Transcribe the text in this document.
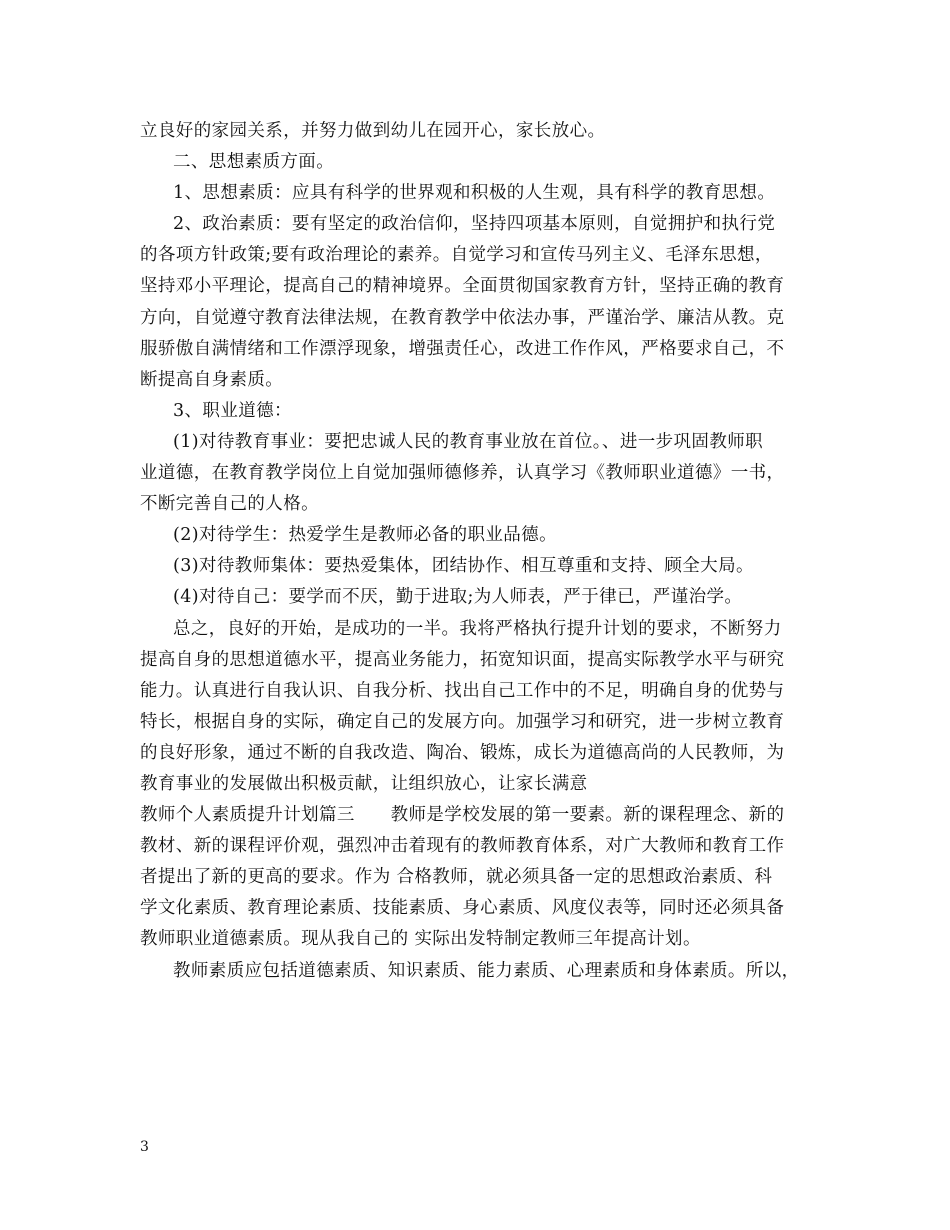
立良好的家园关系，并努力做到幼儿在园开心，家长放心。
二、思想素质方面。
1、思想素质：应具有科学的世界观和积极的人生观，具有科学的教育思想。
2、政治素质：要有坚定的政治信仰，坚持四项基本原则，自觉拥护和执行党
的各项方针政策;要有政治理论的素养。自觉学习和宣传马列主义、毛泽东思想，
坚持邓小平理论，提高自己的精神境界。全面贯彻国家教育方针，坚持正确的教育
方向，自觉遵守教育法律法规，在教育教学中依法办事，严谨治学、廉洁从教。克
服骄傲自满情绪和工作漂浮现象，增强责任心，改进工作作风，严格要求自己，不
断提高自身素质。
3、职业道德：
(1)对待教育事业：要把忠诚人民的教育事业放在首位。、进一步巩固教师职
业道德，在教育教学岗位上自觉加强师德修养，认真学习《教师职业道德》一书，
不断完善自己的人格。
(2)对待学生：热爱学生是教师必备的职业品德。
(3)对待教师集体：要热爱集体，团结协作、相互尊重和支持、顾全大局。
(4)对待自己：要学而不厌，勤于进取;为人师表，严于律已，严谨治学。
总之，良好的开始，是成功的一半。我将严格执行提升计划的要求，不断努力
提高自身的思想道德水平，提高业务能力，拓宽知识面，提高实际教学水平与研究
能力。认真进行自我认识、自我分析、找出自己工作中的不足，明确自身的优势与
特长，根据自身的实际，确定自己的发展方向。加强学习和研究，进一步树立教育
的良好形象，通过不断的自我改造、陶冶、锻炼，成长为道德高尚的人民教师，为
教育事业的发展做出积极贡献，让组织放心，让家长满意
教师个人素质提升计划篇三　　教师是学校发展的第一要素。新的课程理念、新的
教材、新的课程评价观，强烈冲击着现有的教师教育体系，对广大教师和教育工作
者提出了新的更高的要求。作为 合格教师，就必须具备一定的思想政治素质、科
学文化素质、教育理论素质、技能素质、身心素质、风度仪表等，同时还必须具备
教师职业道德素质。现从我自己的 实际出发特制定教师三年提高计划。
教师素质应包括道德素质、知识素质、能力素质、心理素质和身体素质。所以，
3
